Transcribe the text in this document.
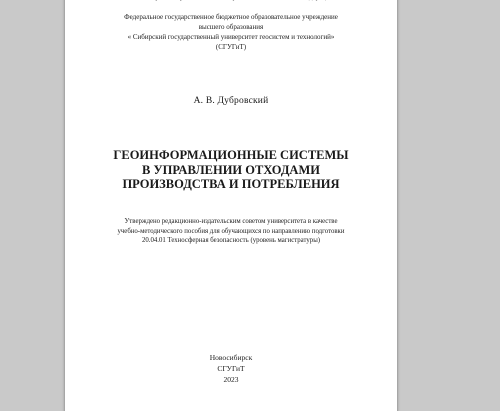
Федеральное государственное бюджетное образовательное учреждение
высшего образования
« Сибирский государственный университет геосистем и технологий»
(СГУГиТ)
А. В. Дубровский
ГЕОИНФОРМАЦИОННЫЕ СИСТЕМЫ
В УПРАВЛЕНИИ ОТХОДАМИ
ПРОИЗВОДСТВА И ПОТРЕБЛЕНИЯ
Утверждено редакционно-издательским советом университета в качестве
учебно-методического пособия для обучающихся по направлению подготовки
20.04.01 Техносферная безопасность (уровень магистратуры)
Новосибирск
СГУГиТ
2023
